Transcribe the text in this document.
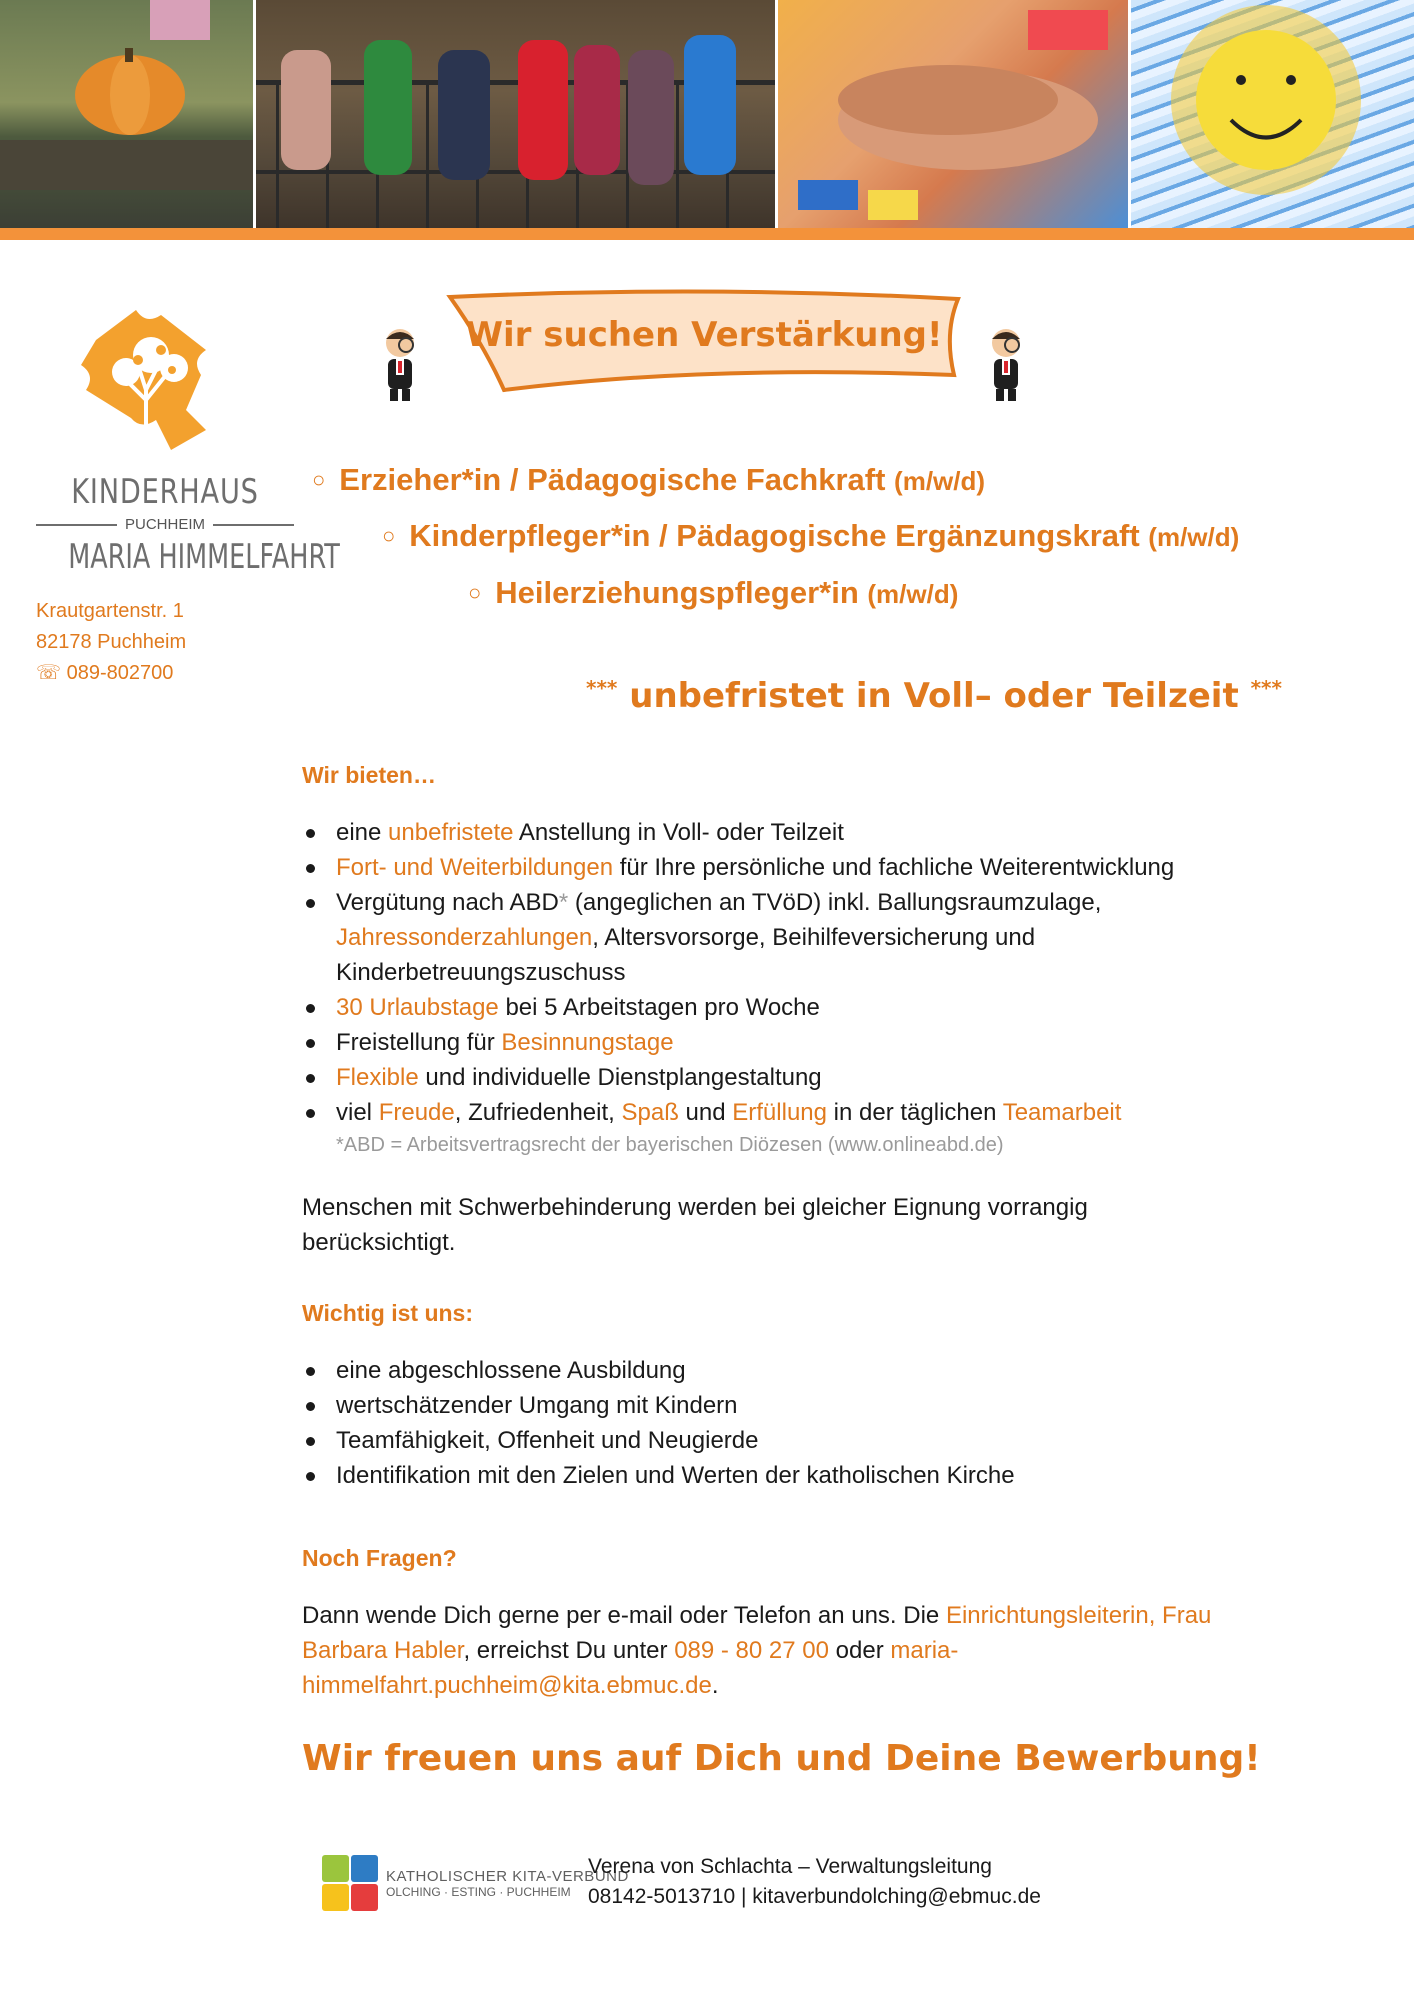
KINDERHAUS
PUCHHEIM
MARIA HIMMELFAHRT
Krautgartenstr. 1
82178 Puchheim
☏ 089-802700
Wir suchen Verstärkung!
○ Erzieher*in / Pädagogische Fachkraft (m/w/d)
○ Kinderpfleger*in / Pädagogische Ergänzungskraft (m/w/d)
○ Heilerziehungspfleger*in (m/w/d)
*** unbefristet in Voll– oder Teilzeit ***
Wir bieten…
eine unbefristete Anstellung in Voll- oder Teilzeit
Fort- und Weiterbildungen für Ihre persönliche und fachliche Weiterentwicklung
Vergütung nach ABD* (angeglichen an TVöD) inkl. Ballungsraumzulage, Jahressonderzahlungen, Altersvorsorge, Beihilfeversicherung und Kinderbetreuungszuschuss
30 Urlaubstage bei 5 Arbeitstagen pro Woche
Freistellung für Besinnungstage
Flexible und individuelle Dienstplangestaltung
viel Freude, Zufriedenheit, Spaß und Erfüllung in der täglichen Teamarbeit
*ABD = Arbeitsvertragsrecht der bayerischen Diözesen (www.onlineabd.de)
Menschen mit Schwerbehinderung werden bei gleicher Eignung vorrangig berücksichtigt.
Wichtig ist uns:
eine abgeschlossene Ausbildung
wertschätzender Umgang mit Kindern
Teamfähigkeit, Offenheit und Neugierde
Identifikation mit den Zielen und Werten der katholischen Kirche
Noch Fragen?

Dann wende Dich gerne per e-mail oder Telefon an uns. Die Einrichtungsleiterin, Frau Barbara Habler, erreichst Du unter 089 - 80 27 00 oder maria-himmelfahrt.puchheim@kita.ebmuc.de.

Wir freuen uns auf Dich und Deine Bewerbung!
KATHOLISCHER KITA-VERBUND
OLCHING · ESTING · PUCHHEIM
Verena von Schlachta – Verwaltungsleitung
08142-5013710 | kitaverbundolching@ebmuc.de
